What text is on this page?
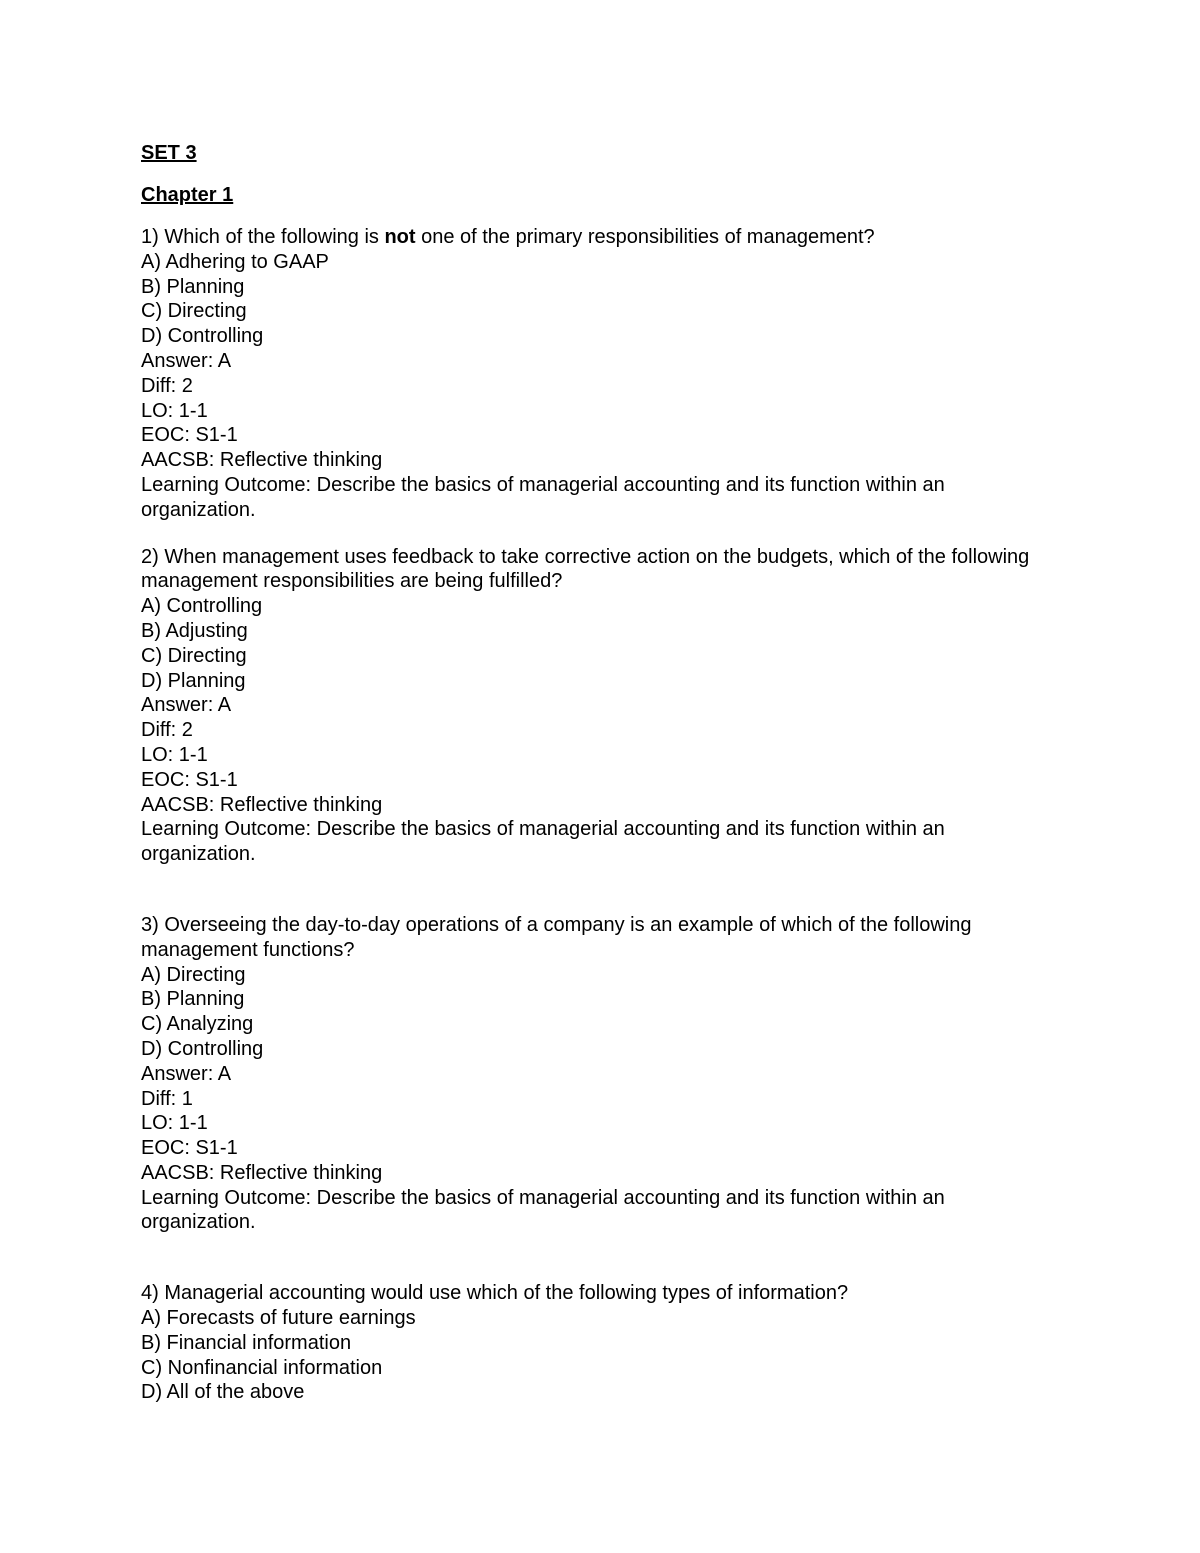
SET 3

Chapter 1

1) Which of the following is not one of the primary responsibilities of management?
A) Adhering to GAAP
B) Planning
C) Directing
D) Controlling
Answer: A
Diff: 2
LO: 1-1
EOC: S1-1
AACSB: Reflective thinking
Learning Outcome: Describe the basics of managerial accounting and its function within an organization.
2) When management uses feedback to take corrective action on the budgets, which of the following management responsibilities are being fulfilled?
A) Controlling
B) Adjusting
C) Directing
D) Planning
Answer: A
Diff: 2
LO: 1-1
EOC: S1-1
AACSB: Reflective thinking
Learning Outcome: Describe the basics of managerial accounting and its function within an organization.
3) Overseeing the day-to-day operations of a company is an example of which of the following management functions?
A) Directing
B) Planning
C) Analyzing
D) Controlling
Answer: A
Diff: 1
LO: 1-1
EOC: S1-1
AACSB: Reflective thinking
Learning Outcome: Describe the basics of managerial accounting and its function within an organization.
4) Managerial accounting would use which of the following types of information?
A) Forecasts of future earnings
B) Financial information
C) Nonfinancial information
D) All of the above
